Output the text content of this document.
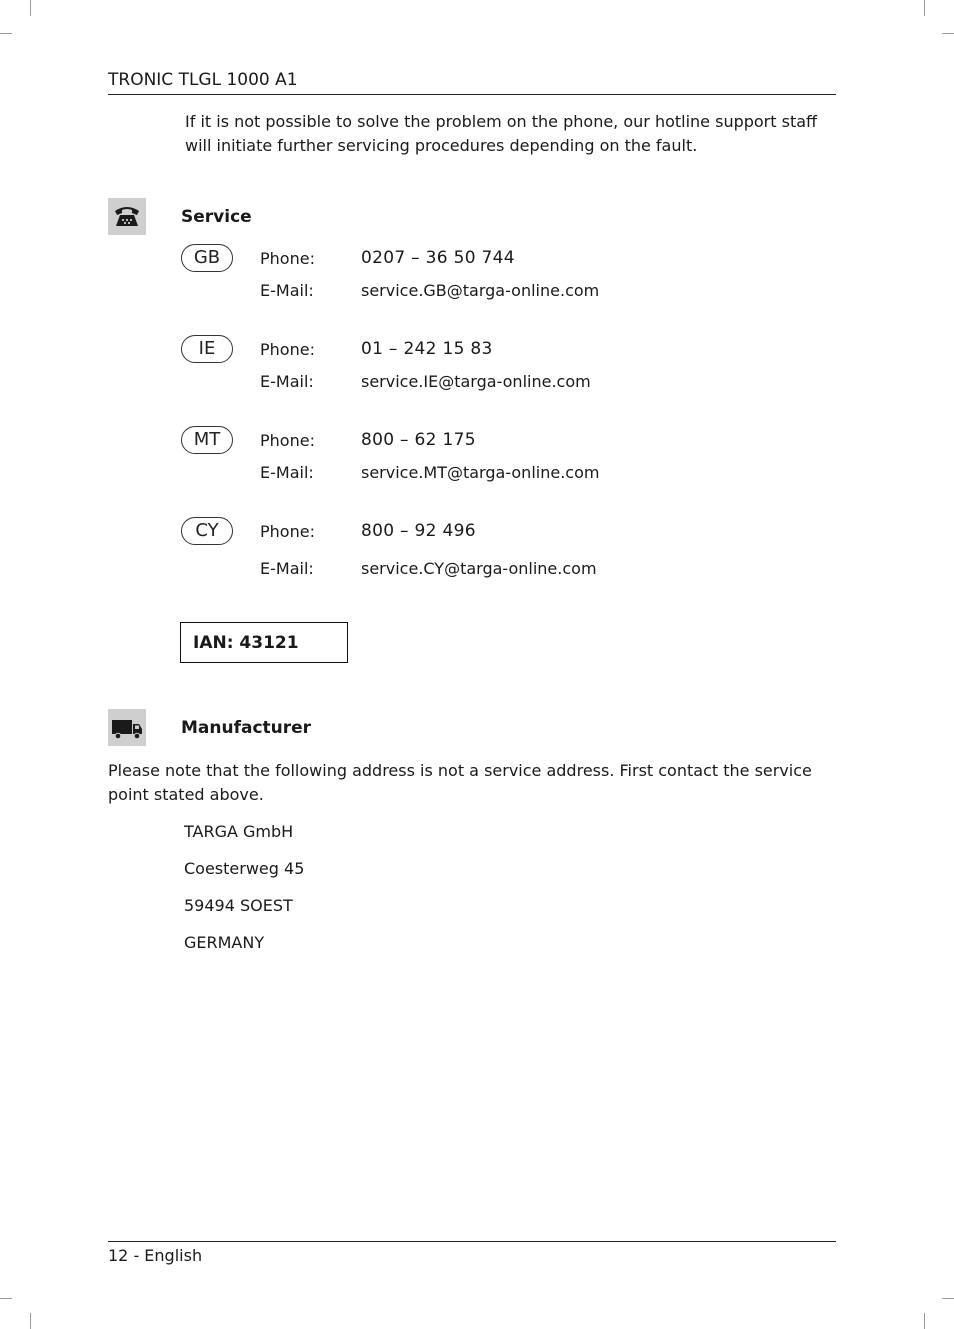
TRONIC TLGL 1000 A1
If it is not possible to solve the problem on the phone, our hotline support staff will initiate further servicing procedures depending on the fault.
Service
GB	Phone:	0207 – 36 50 744
E-Mail:	service.GB@targa-online.com
IE	Phone:	01 – 242 15 83
E-Mail:	service.IE@targa-online.com
MT	Phone:	800 – 62 175
E-Mail:	service.MT@targa-online.com
CY	Phone:	800 – 92 496
E-Mail:	service.CY@targa-online.com
IAN: 43121
Manufacturer
Please note that the following address is not a service address. First contact the service point stated above.
TARGA GmbH
Coesterweg 45
59494 SOEST
GERMANY
12 - English
